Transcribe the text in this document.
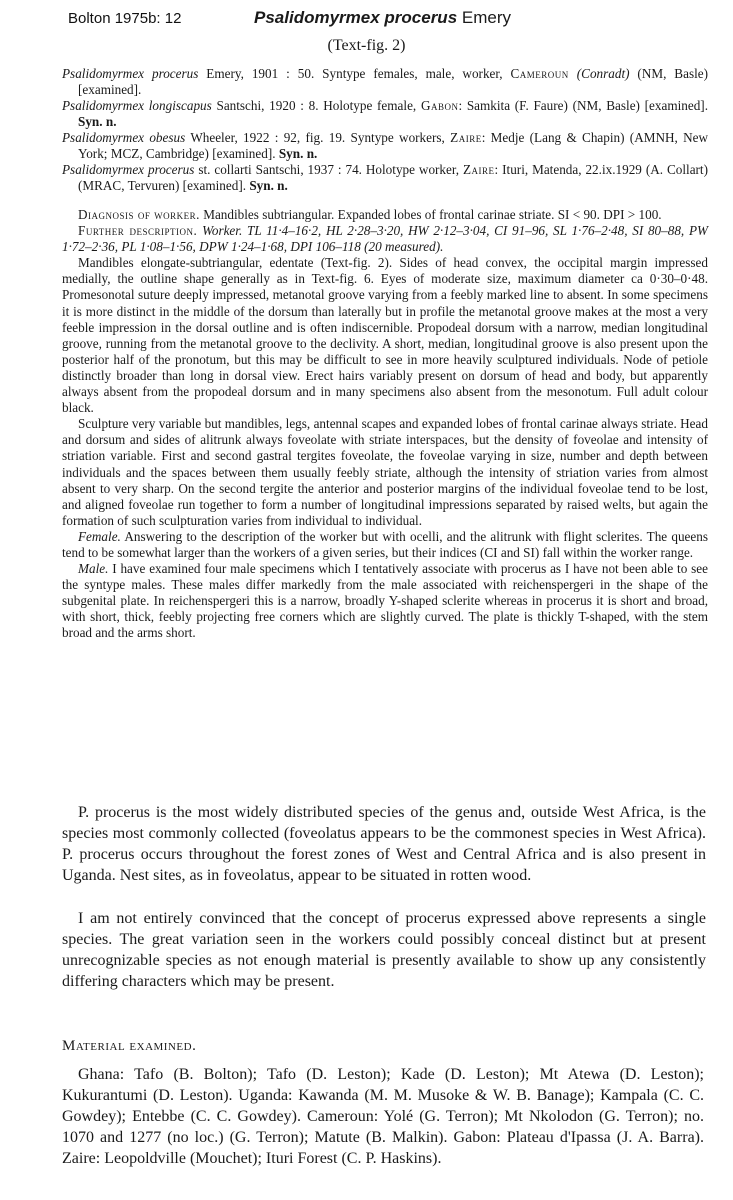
Bolton 1975b: 12	Psalidomyrmex procerus Emery
(Text-fig. 2)

Psalidomyrmex procerus Emery, 1901 : 50. Syntype females, male, worker, Cameroun (Conradt) (NM, Basle) [examined].

Psalidomyrmex longiscapus Santschi, 1920 : 8. Holotype female, Gabon: Samkita (F. Faure) (NM, Basle) [examined]. Syn. n.

Psalidomyrmex obesus Wheeler, 1922 : 92, fig. 19. Syntype workers, Zaire: Medje (Lang & Chapin) (AMNH, New York; MCZ, Cambridge) [examined]. Syn. n.

Psalidomyrmex procerus st. collarti Santschi, 1937 : 74. Holotype worker, Zaire: Ituri, Matenda, 22.ix.1929 (A. Collart) (MRAC, Tervuren) [examined]. Syn. n.

Diagnosis of worker. Mandibles subtriangular. Expanded lobes of frontal carinae striate. SI < 90. DPI > 100.

Further description. Worker. TL 11·4–16·2, HL 2·28–3·20, HW 2·12–3·04, CI 91–96, SL 1·76–2·48, SI 80–88, PW 1·72–2·36, PL 1·08–1·56, DPW 1·24–1·68, DPI 106–118 (20 measured).

Mandibles elongate-subtriangular, edentate (Text-fig. 2). Sides of head convex, the occipital margin impressed medially, the outline shape generally as in Text-fig. 6. Eyes of moderate size, maximum diameter ca 0·30–0·48. Promesonotal suture deeply impressed, metanotal groove varying from a feebly marked line to absent. In some specimens it is more distinct in the middle of the dorsum than laterally but in profile the metanotal groove makes at the most a very feeble impression in the dorsal outline and is often indiscernible. Propodeal dorsum with a narrow, median longitudinal groove, running from the metanotal groove to the declivity. A short, median, longitudinal groove is also present upon the posterior half of the pronotum, but this may be difficult to see in more heavily sculptured individuals. Node of petiole distinctly broader than long in dorsal view. Erect hairs variably present on dorsum of head and body, but apparently always absent from the propodeal dorsum and in many specimens also absent from the mesonotum. Full adult colour black.

Sculpture very variable but mandibles, legs, antennal scapes and expanded lobes of frontal carinae always striate. Head and dorsum and sides of alitrunk always foveolate with striate interspaces, but the density of foveolae and intensity of striation variable. First and second gastral tergites foveolate, the foveolae varying in size, number and depth between individuals and the spaces between them usually feebly striate, although the intensity of striation varies from almost absent to very sharp. On the second tergite the anterior and posterior margins of the individual foveolae tend to be lost, and aligned foveolae run together to form a number of longitudinal impressions separated by raised welts, but again the formation of such sculpturation varies from individual to individual.

Female. Answering to the description of the worker but with ocelli, and the alitrunk with flight sclerites. The queens tend to be somewhat larger than the workers of a given series, but their indices (CI and SI) fall within the worker range.

Male. I have examined four male specimens which I tentatively associate with procerus as I have not been able to see the syntype males. These males differ markedly from the male associated with reichenspergeri in the shape of the subgenital plate. In reichenspergeri this is a narrow, broadly Y-shaped sclerite whereas in procerus it is short and broad, with short, thick, feebly projecting free corners which are slightly curved. The plate is thickly T-shaped, with the stem broad and the arms short.

P. procerus is the most widely distributed species of the genus and, outside West Africa, is the species most commonly collected (foveolatus appears to be the commonest species in West Africa). P. procerus occurs throughout the forest zones of West and Central Africa and is also present in Uganda. Nest sites, as in foveolatus, appear to be situated in rotten wood.

I am not entirely convinced that the concept of procerus expressed above represents a single species. The great variation seen in the workers could possibly conceal distinct but at present unrecognizable species as not enough material is presently available to show up any consistently differing characters which may be present.

Material examined.

Ghana: Tafo (B. Bolton); Tafo (D. Leston); Kade (D. Leston); Mt Atewa (D. Leston); Kukurantumi (D. Leston). Uganda: Kawanda (M. M. Musoke & W. B. Banage); Kampala (C. C. Gowdey); Entebbe (C. C. Gowdey). Cameroun: Yolé (G. Terron); Mt Nkolodon (G. Terron); no. 1070 and 1277 (no loc.) (G. Terron); Matute (B. Malkin). Gabon: Plateau d'Ipassa (J. A. Barra). Zaire: Leopoldville (Mouchet); Ituri Forest (C. P. Haskins).
